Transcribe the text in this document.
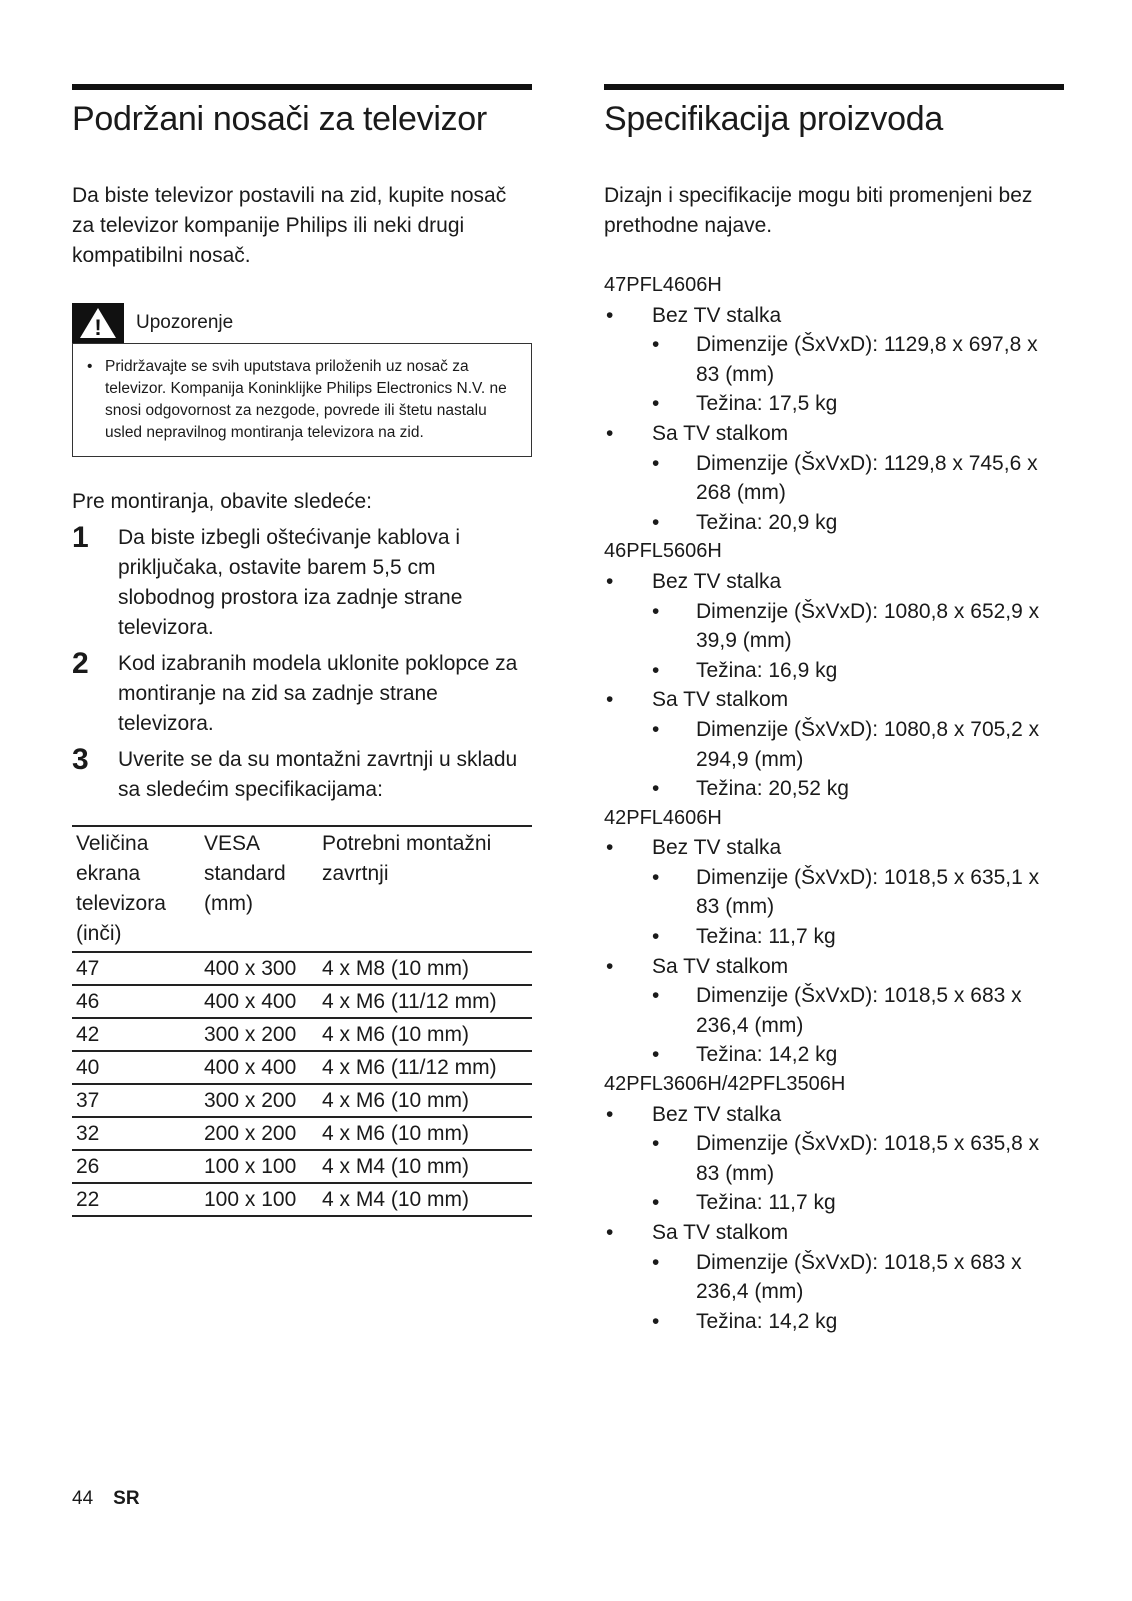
Podržani nosači za televizor

Da biste televizor postavili na zid, kupite nosač za televizor kompanije Philips ili neki drugi kompatibilni nosač.

! Upozorenje
• Pridržavajte se svih uputstava priloženih uz nosač za televizor. Kompanija Koninklijke Philips Electronics N.V. ne snosi odgovornost za nezgode, povrede ili štetu nastalu usled nepravilnog montiranja televizora na zid.

Pre montiranja, obavite sledeće:

1	Da biste izbegli oštećivanje kablova i priključaka, ostavite barem 5,5 cm slobodnog prostora iza zadnje strane televizora.
2	Kod izabranih modela uklonite poklopce za montiranje na zid sa zadnje strane televizora.
3	Uverite se da su montažni zavrtnji u skladu sa sledećim specifikacijama:
Veličina ekrana televizora (inči)	VESA standard (mm)	Potrebni montažni zavrtnji
47	400 x 300	4 x M8 (10 mm)
46	400 x 400	4 x M6 (11/12 mm)
42	300 x 200	4 x M6 (10 mm)
40	400 x 400	4 x M6 (11/12 mm)
37	300 x 200	4 x M6 (10 mm)
32	200 x 200	4 x M6 (10 mm)
26	100 x 100	4 x M4 (10 mm)
22	100 x 100	4 x M4 (10 mm)
Specifikacija proizvoda

Dizajn i specifikacije mogu biti promenjeni bez prethodne najave.

47PFL4606H
•	Bez TV stalka
•	Dimenzije (ŠxVxD): 1129,8 x 697,8 x 83 (mm)
•	Težina: 17,5 kg
•	Sa TV stalkom
•	Dimenzije (ŠxVxD): 1129,8 x 745,6 x 268 (mm)
•	Težina: 20,9 kg
46PFL5606H
•	Bez TV stalka
•	Dimenzije (ŠxVxD): 1080,8 x 652,9 x 39,9 (mm)
•	Težina: 16,9 kg
•	Sa TV stalkom
•	Dimenzije (ŠxVxD): 1080,8 x 705,2 x 294,9 (mm)
•	Težina: 20,52 kg
42PFL4606H
•	Bez TV stalka
•	Dimenzije (ŠxVxD): 1018,5 x 635,1 x 83 (mm)
•	Težina: 11,7 kg
•	Sa TV stalkom
•	Dimenzije (ŠxVxD): 1018,5 x 683 x 236,4 (mm)
•	Težina: 14,2 kg
42PFL3606H/42PFL3506H
•	Bez TV stalka
•	Dimenzije (ŠxVxD): 1018,5 x 635,8 x 83 (mm)
•	Težina: 11,7 kg
•	Sa TV stalkom
•	Dimenzije (ŠxVxD): 1018,5 x 683 x 236,4 (mm)
•	Težina: 14,2 kg
44 SR
